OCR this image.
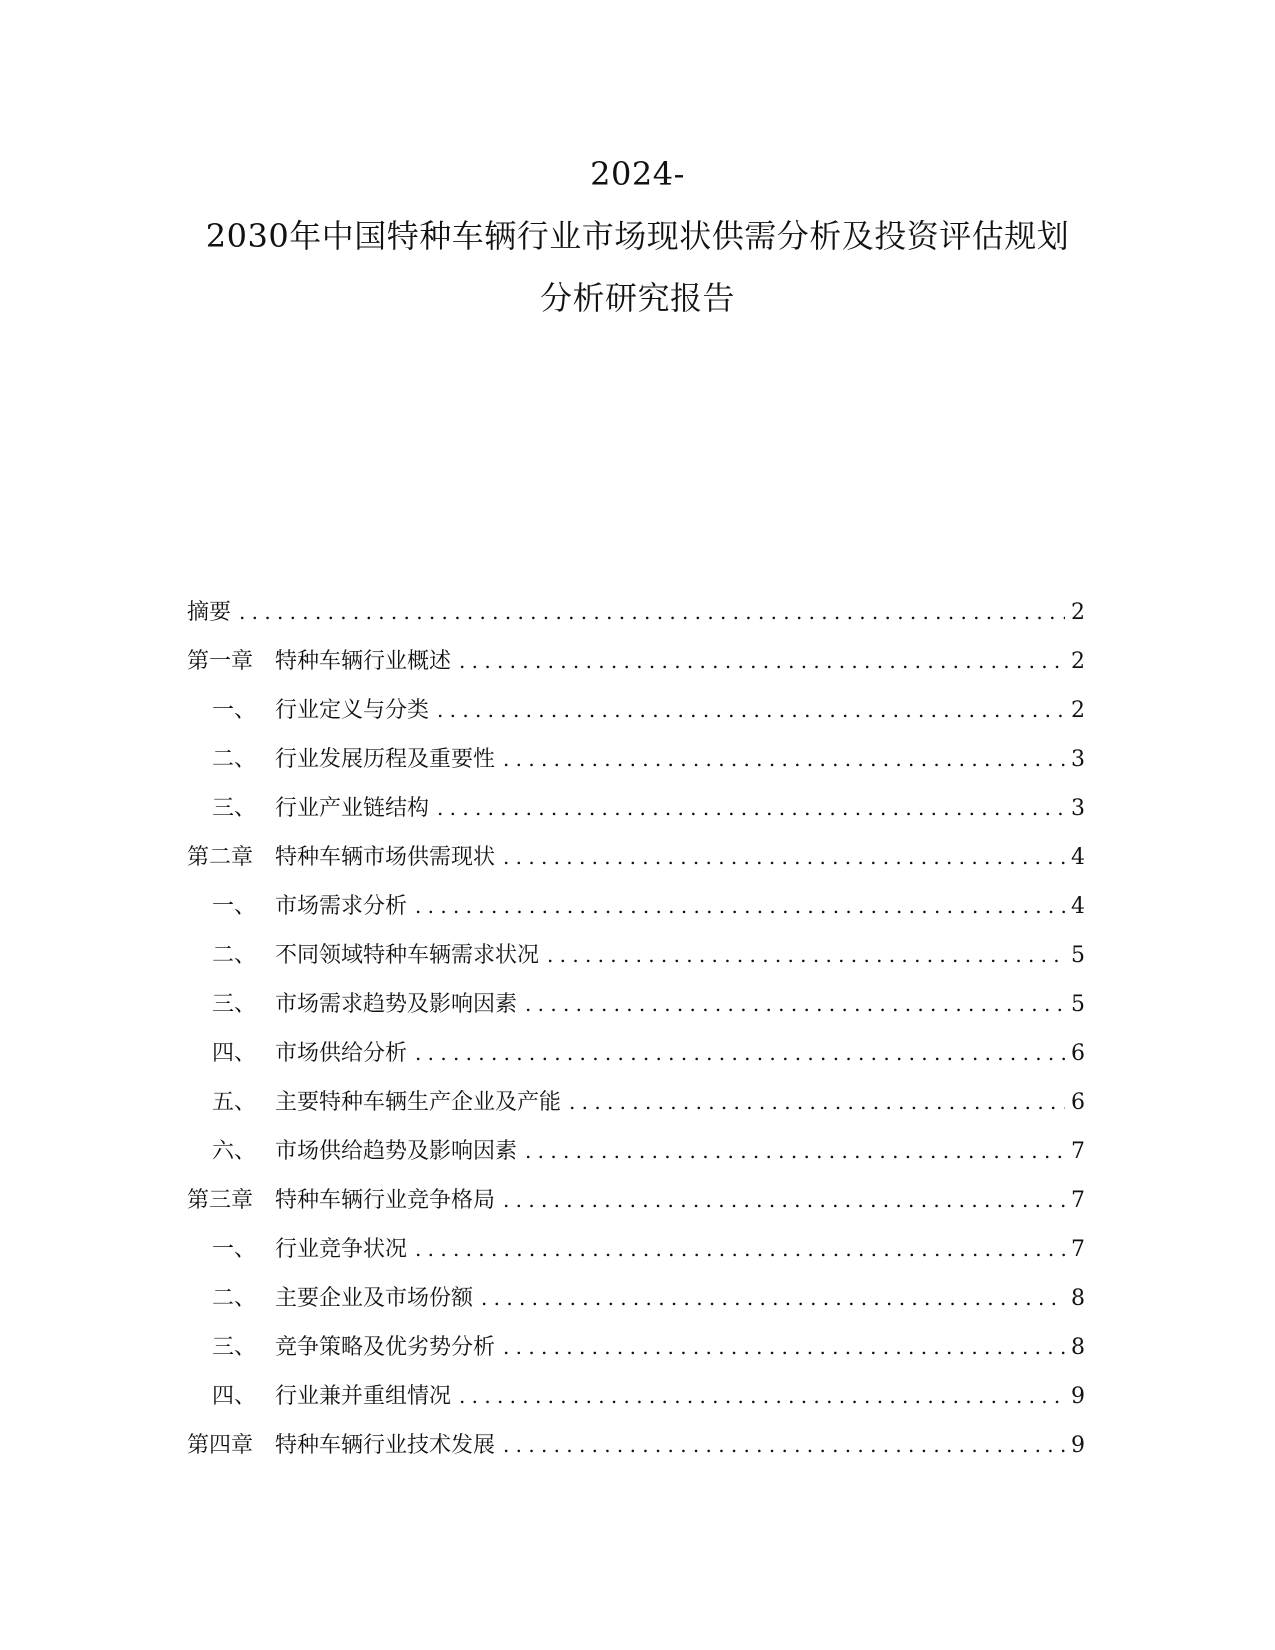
2024-
2030年中国特种车辆行业市场现状供需分析及投资评估规划
分析研究报告
摘要 .....	2
第一章 特种车辆行业概述 .....	2
一、 行业定义与分类 .....	2
二、 行业发展历程及重要性 .....	3
三、 行业产业链结构 .....	3
第二章 特种车辆市场供需现状 .....	4
一、 市场需求分析 .....	4
二、 不同领域特种车辆需求状况 .....	5
三、 市场需求趋势及影响因素 .....	5
四、 市场供给分析 .....	6
五、 主要特种车辆生产企业及产能 .....	6
六、 市场供给趋势及影响因素 .....	7
第三章 特种车辆行业竞争格局 .....	7
一、 行业竞争状况 .....	7
二、 主要企业及市场份额 .....	8
三、 竞争策略及优劣势分析 .....	8
四、 行业兼并重组情况 .....	9
第四章 特种车辆行业技术发展 .....	9
